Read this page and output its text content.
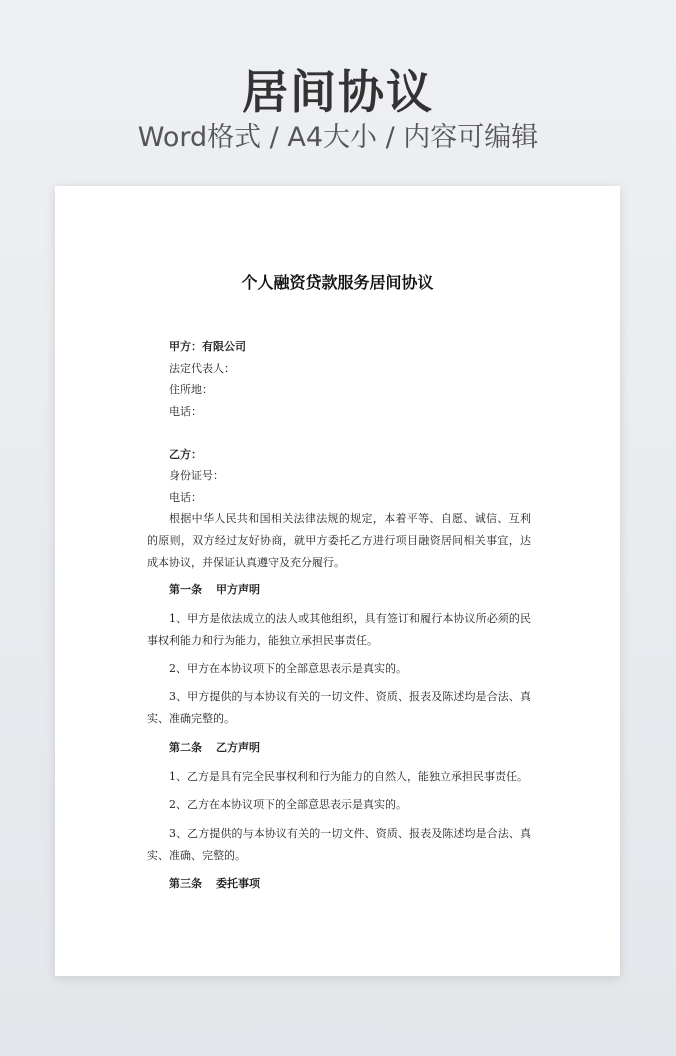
居间协议
Word格式 / A4大小 / 内容可编辑
个人融资贷款服务居间协议
甲方：有限公司
法定代表人：
住所地：
电话：
乙方：
身份证号：
电话：
根据中华人民共和国相关法律法规的规定，本着平等、自愿、诚信、互利的原则，双方经过友好协商，就甲方委托乙方进行项目融资居间相关事宜，达成本协议，并保证认真遵守及充分履行。
第一条 甲方声明
1、甲方是依法成立的法人或其他组织，具有签订和履行本协议所必须的民事权利能力和行为能力，能独立承担民事责任。
2、甲方在本协议项下的全部意思表示是真实的。
3、甲方提供的与本协议有关的一切文件、资质、报表及陈述均是合法、真实、准确完整的。
第二条 乙方声明
1、乙方是具有完全民事权利和行为能力的自然人，能独立承担民事责任。
2、乙方在本协议项下的全部意思表示是真实的。
3、乙方提供的与本协议有关的一切文件、资质、报表及陈述均是合法、真实、准确、完整的。
第三条 委托事项
